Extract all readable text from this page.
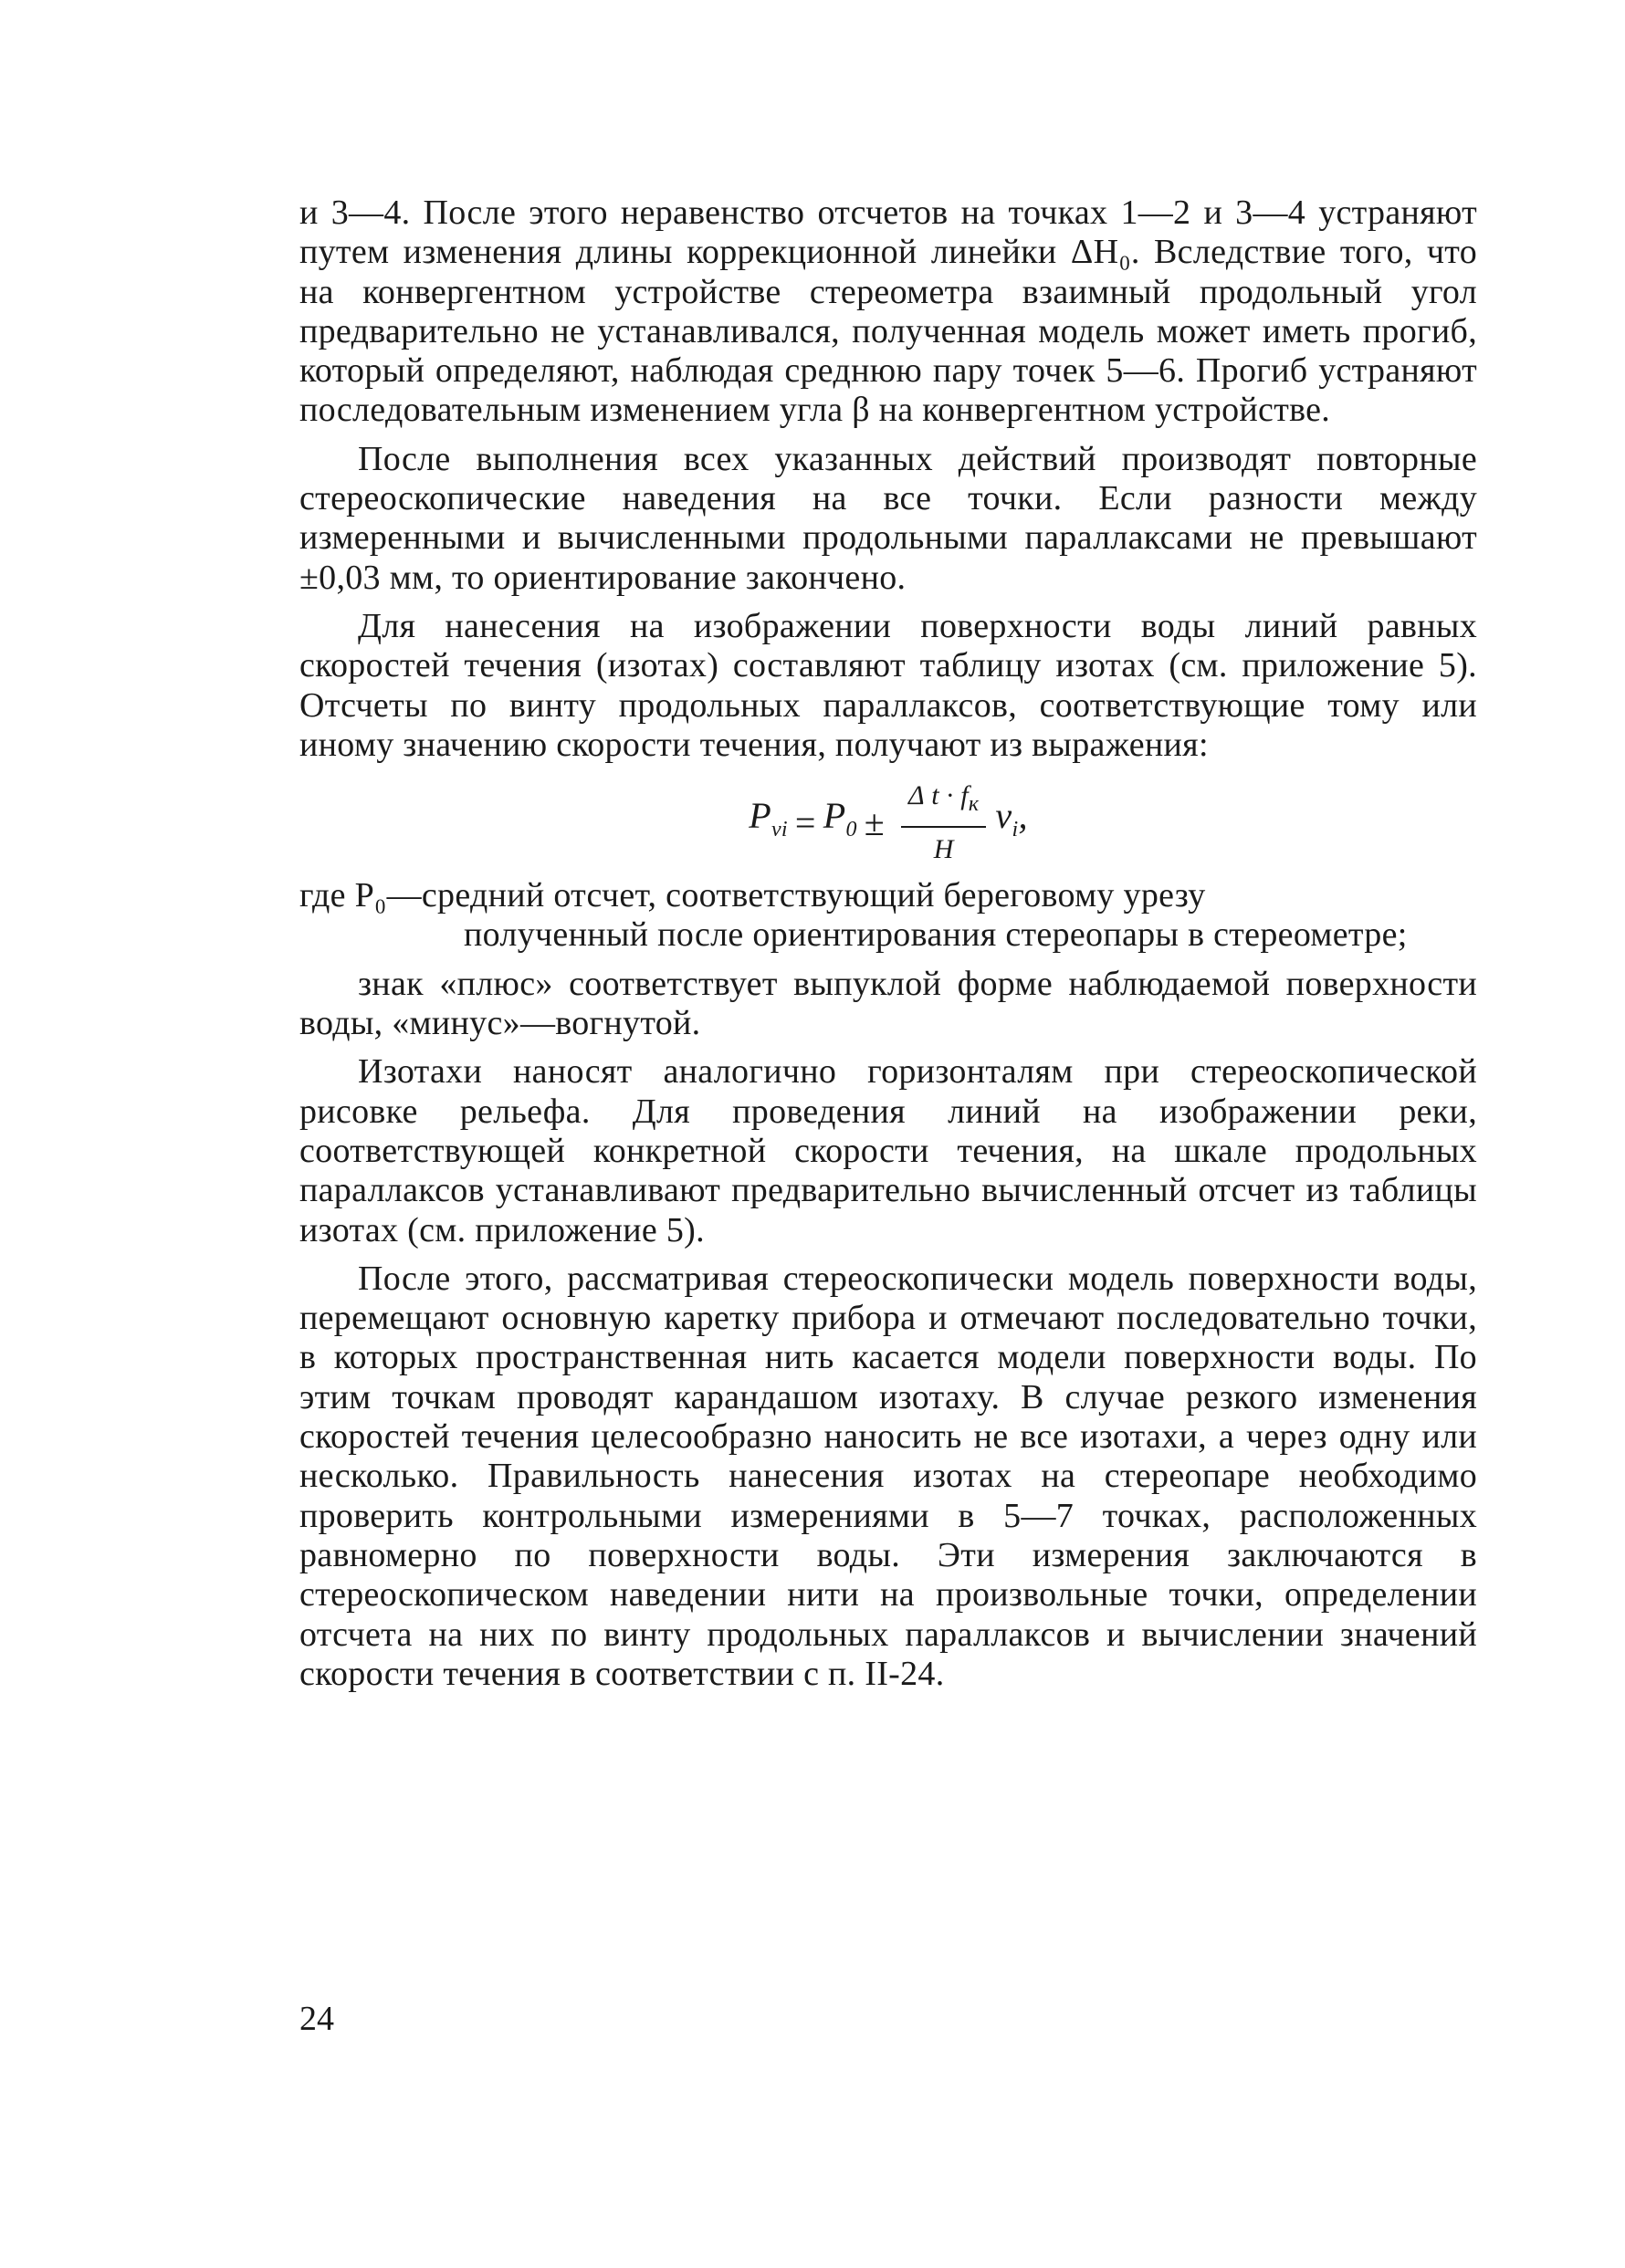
и 3—4. После этого неравенство отсчетов на точках 1—2 и 3—4 устраняют путем изменения длины коррекционной линейки ΔH₀. Вследствие того, что на конвергентном устройстве стереометра взаимный продольный угол предварительно не устанавливался, полученная модель может иметь прогиб, который определяют, наблюдая среднюю пару точек 5—6. Прогиб устраняют последовательным изменением угла β на конвергентном устройстве.

После выполнения всех указанных действий производят повторные стереоскопические наведения на все точки. Если разности между измеренными и вычисленными продольными параллаксами не превышают ±0,03 мм, то ориентирование закончено.

Для нанесения на изображении поверхности воды линий равных скоростей течения (изотах) составляют таблицу изотах (см. приложение 5). Отсчеты по винту продольных параллаксов, соответствующие тому или иному значению скорости течения, получают из выражения:

$P_{vi} = P_0 \pm \frac{\Delta t \cdot f_к}{H} v_i$,

где P₀—средний отсчет, соответствующий береговому урезу

полученный после ориентирования стереопары в стереометре;

знак «плюс» соответствует выпуклой форме наблюдаемой поверхности воды, «минус»—вогнутой.

Изотахи наносят аналогично горизонталям при стереоскопической рисовке рельефа. Для проведения линий на изображении реки, соответствующей конкретной скорости течения, на шкале продольных параллаксов устанавливают предварительно вычисленный отсчет из таблицы изотах (см. приложение 5).

После этого, рассматривая стереоскопически модель поверхности воды, перемещают основную каретку прибора и отмечают последовательно точки, в которых пространственная нить касается модели поверхности воды. По этим точкам проводят карандашом изотаху. В случае резкого изменения скоростей течения целесообразно наносить не все изотахи, а через одну или несколько. Правильность нанесения изотах на стереопаре необходимо проверить контрольными измерениями в 5—7 точках, расположенных равномерно по поверхности воды. Эти измерения заключаются в стереоскопическом наведении нити на произвольные точки, определении отсчета на них по винту продольных параллаксов и вычислении значений скорости течения в соответствии с п. II-24.

24
